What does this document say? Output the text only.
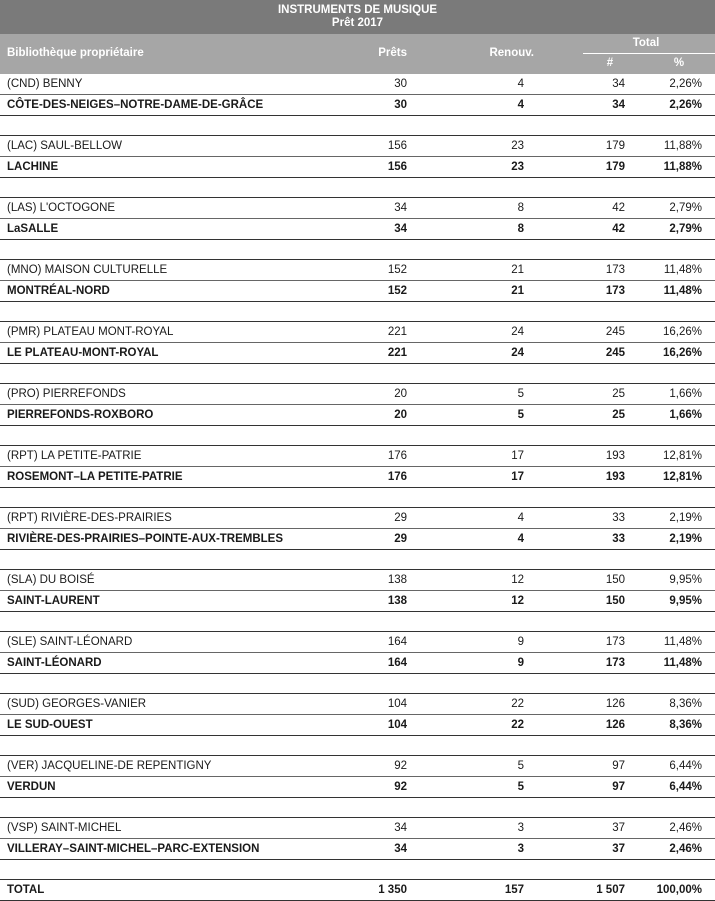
INSTRUMENTS DE MUSIQUE
Prêt 2017
Bibliothèque propriétaire	Prêts	Renouv.
Total
#	%
(CND) BENNY	30	4	34	2,26%
CÔTE-DES-NEIGES–NOTRE-DAME-DE-GRÂCE	30	4	34	2,26%
(LAC) SAUL-BELLOW	156	23	179	11,88%
LACHINE	156	23	179	11,88%
(LAS) L'OCTOGONE	34	8	42	2,79%
LaSALLE	34	8	42	2,79%
(MNO) MAISON CULTURELLE	152	21	173	11,48%
MONTRÉAL-NORD	152	21	173	11,48%
(PMR) PLATEAU MONT-ROYAL	221	24	245	16,26%
LE PLATEAU-MONT-ROYAL	221	24	245	16,26%
(PRO) PIERREFONDS	20	5	25	1,66%
PIERREFONDS-ROXBORO	20	5	25	1,66%
(RPT) LA PETITE-PATRIE	176	17	193	12,81%
ROSEMONT–LA PETITE-PATRIE	176	17	193	12,81%
(RPT) RIVIÈRE-DES-PRAIRIES	29	4	33	2,19%
RIVIÈRE-DES-PRAIRIES–POINTE-AUX-TREMBLES	29	4	33	2,19%
(SLA) DU BOISÉ	138	12	150	9,95%
SAINT-LAURENT	138	12	150	9,95%
(SLE) SAINT-LÉONARD	164	9	173	11,48%
SAINT-LÉONARD	164	9	173	11,48%
(SUD) GEORGES-VANIER	104	22	126	8,36%
LE SUD-OUEST	104	22	126	8,36%
(VER) JACQUELINE-DE REPENTIGNY	92	5	97	6,44%
VERDUN	92	5	97	6,44%
(VSP) SAINT-MICHEL	34	3	37	2,46%
VILLERAY–SAINT-MICHEL–PARC-EXTENSION	34	3	37	2,46%
TOTAL	1 350	157	1 507	100,00%
